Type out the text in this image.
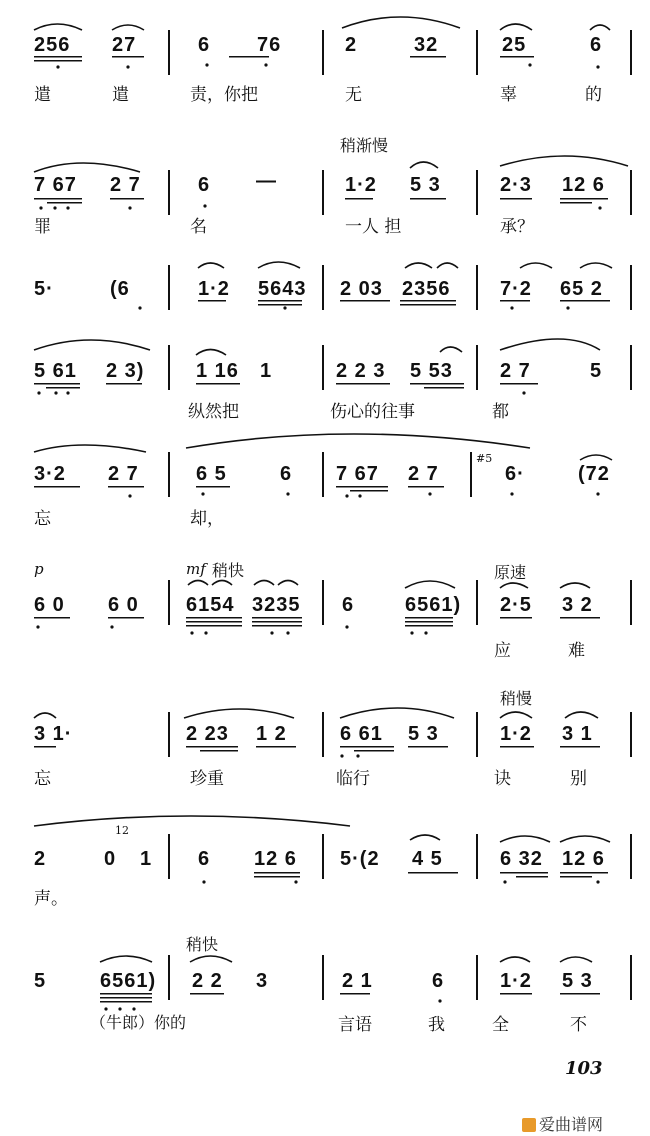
256 27	6 76	2	32	25	6
遣	遣	责，你把	无	辜	的
稍渐慢
7 67 2 7	6 —	1·2 5 3	2·3 12 6
罪	名	一人 担	承？
5·	(6	1·2 5643 2 03 2356 7·2 65 2
5 61 2 3)	1 16 1	2 2 3 5 53 2 7	5
纵然把	伤心的往事	都
#5
3·2 2 7	6 5	6 7 67 2 7	6·	(72
忘	却，
p	mf 稍快	原速
6 0 6 0 6154 3235 6	6561) 2·5 3 2
应	难
稍慢
3 1·	2 23 1 2	6 61 5 3	1·2 3 1
忘	珍重	临行	诀	别
12
2	0 1 6 12 6 5·(2 4 5	6 32 12 6
声。
稍快
5	6561) 2 2 3	2 1	6	1·2 5 3
（牛郎）你的	言语	我	全	不
103
爱曲谱网
